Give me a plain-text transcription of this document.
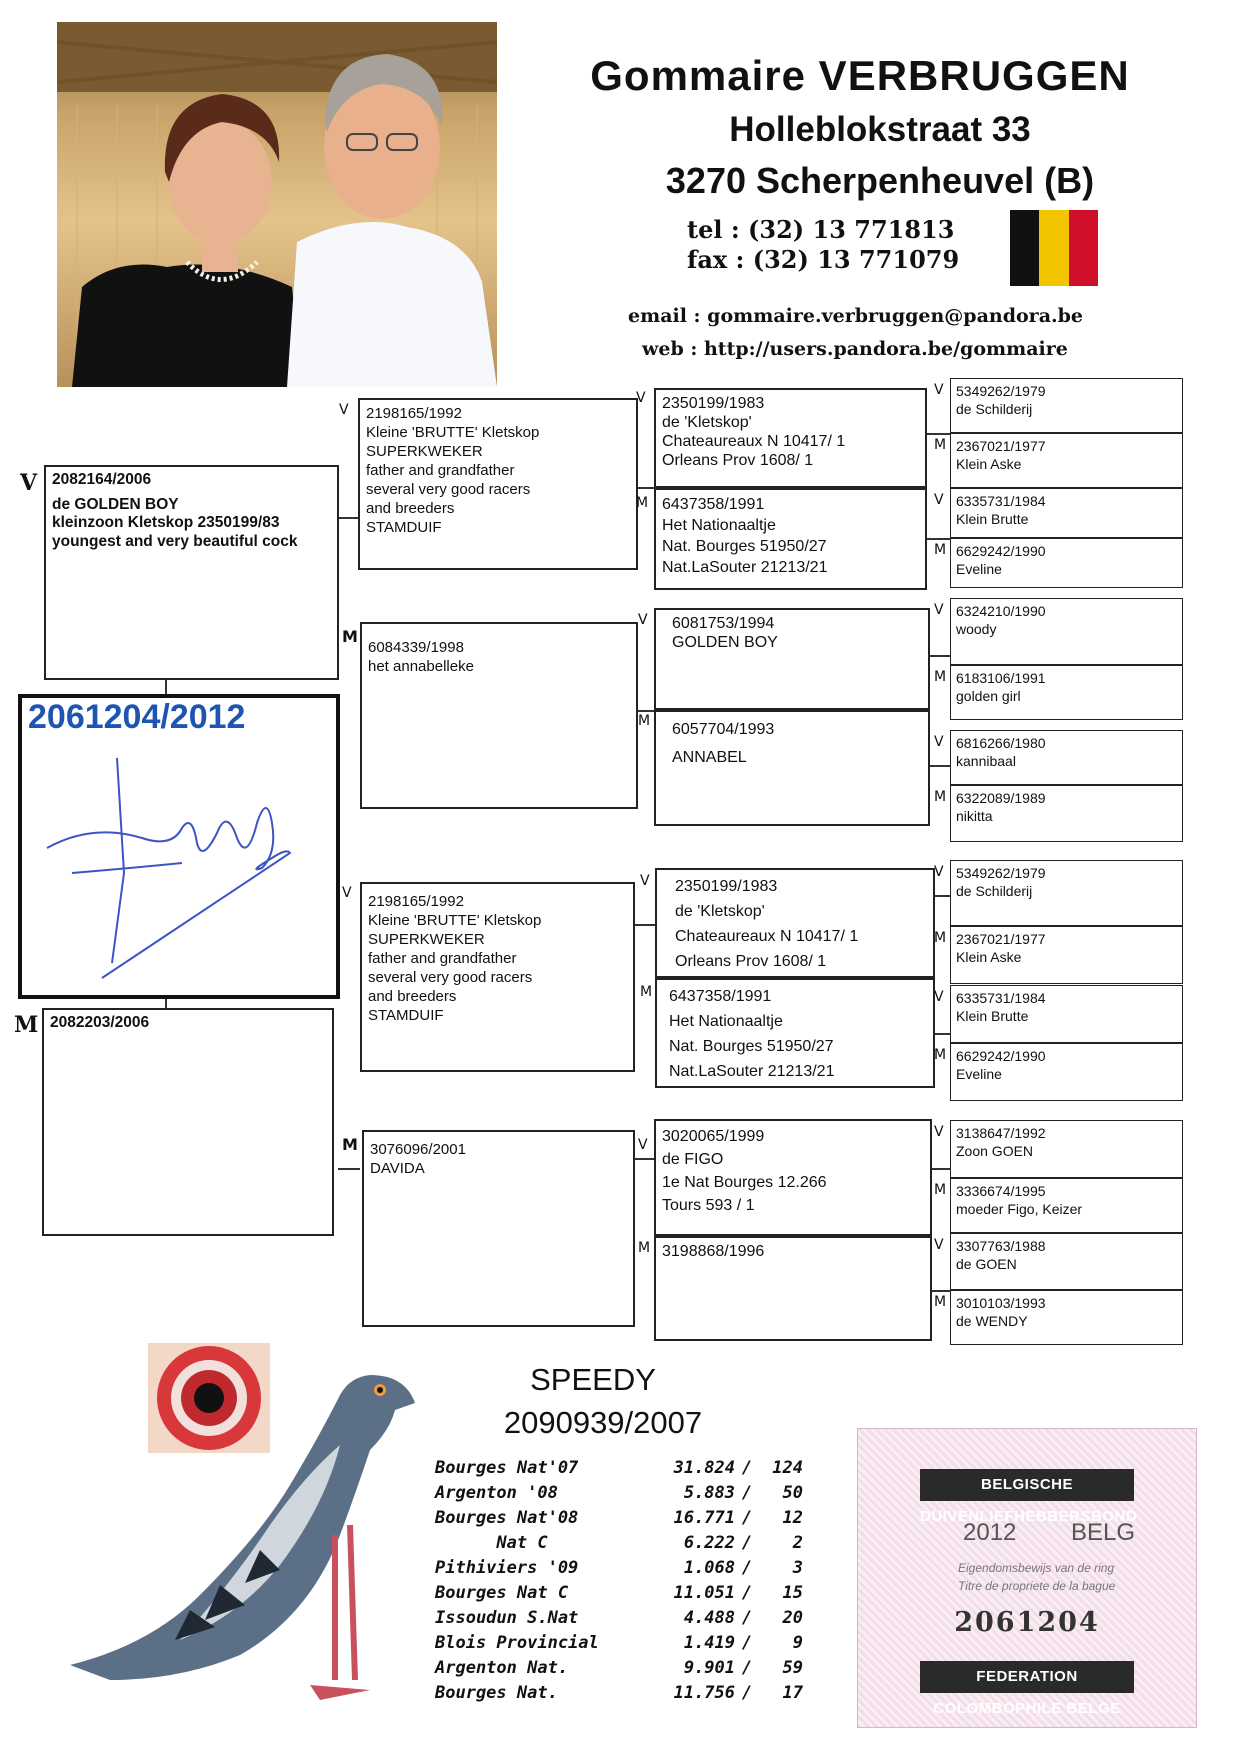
Gommaire VERBRUGGEN
Holleblokstraat 33
3270 Scherpenheuvel (B)
tel : (32) 13 771813
fax : (32) 13 771079
email : gommaire.verbruggen@pandora.be
web : http://users.pandora.be/gommaire
V 2082164/2006
de GOLDEN BOY
kleinzoon Kletskop 2350199/83
youngest and very beautiful cock
2061204/2012
M 2082203/2006
V 2198165/1992
Kleine 'BRUTTE' Kletskop
SUPERKWEKER
father and grandfather
several very good racers
and breeders
STAMDUIF
M
6084339/1998
het annabelleke
V 2198165/1992
Kleine 'BRUTTE' Kletskop
SUPERKWEKER
father and grandfather
several very good racers
and breeders
STAMDUIF
M 3076096/2001
DAVIDA
V 2350199/1983
de 'Kletskop'
Chateaureaux N 10417/ 1
Orleans Prov 1608/ 1
M 6437358/1991
Het Nationaaltje
Nat. Bourges 51950/27
Nat.LaSouter 21213/21
V	6081753/1994
GOLDEN BOY
M	6057704/1993
ANNABEL
V	2350199/1983
de 'Kletskop'
Chateaureaux N 10417/ 1
Orleans Prov 1608/ 1
M	6437358/1991
Het Nationaaltje
Nat. Bourges 51950/27
Nat.LaSouter 21213/21
V 3020065/1999
de FIGO
1e Nat Bourges 12.266
Tours 593 / 1
M 3198868/1996
V 5349262/1979
de Schilderij
M 2367021/1977
Klein Aske
V 6335731/1984
Klein Brutte
M 6629242/1990
Eveline
V 6324210/1990
woody
M 6183106/1991
golden girl
V 6816266/1980
kannibaal
M 6322089/1989
nikitta
V 5349262/1979
de Schilderij
M 2367021/1977
Klein Aske
V 6335731/1984
Klein Brutte
M 6629242/1990
Eveline
V 3138647/1992
Zoon GOEN
M 3336674/1995
moeder Figo, Keizer
V 3307763/1988
de GOEN
M 3010103/1993
de WENDY
SPEEDY
2090939/2007
Bourges Nat'07	31.824 /	124
Argenton '08	5.883 /	50
Bourges Nat'08	16.771 /	12
Nat C	6.222 /	2
Pithiviers '09	1.068 /	3
Bourges Nat C	11.051 /	15
Issoudun S.Nat	4.488 /	20
Blois Provincial	1.419 /	9
Argenton Nat.	9.901 /	59
Bourges Nat.	11.756 /	17
BELGISCHE DUIVENLIEFHEBBERSBOND
2012 BELG
Eigendomsbewijs van de ring
Titre de propriete de la bague
2061204
FEDERATION COLOMBOPHILE BELGE
